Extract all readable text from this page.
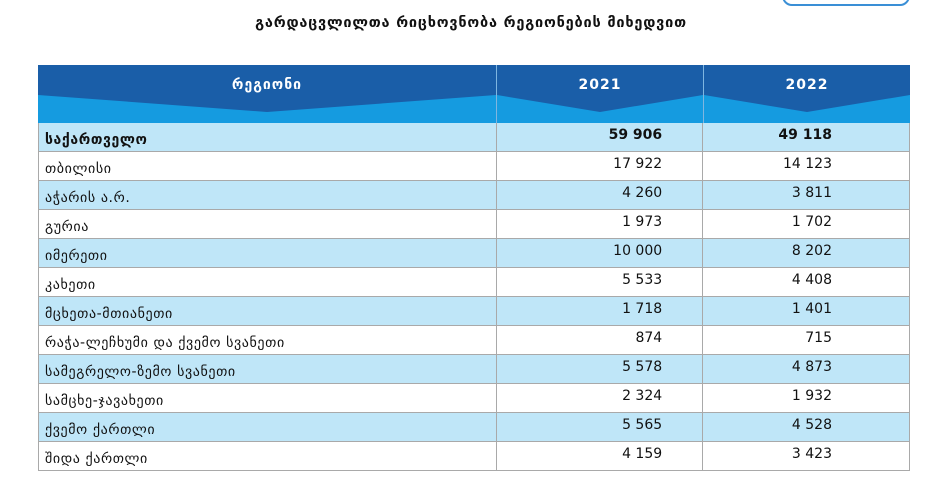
გარდაცვლილთა რიცხოვნობა რეგიონების მიხედვით
რეგიონი	2021	2022
საქართველო	59 906	49 118
თბილისი	17 922	14 123
აჭარის ა.რ.	4 260	3 811
გურია	1 973	1 702
იმერეთი	10 000	8 202
კახეთი	5 533	4 408
მცხეთა-მთიანეთი	1 718	1 401
რაჭა-ლეჩხუმი და ქვემო სვანეთი	874	715
სამეგრელო-ზემო სვანეთი	5 578	4 873
სამცხე-ჯავახეთი	2 324	1 932
ქვემო ქართლი	5 565	4 528
შიდა ქართლი	4 159	3 423
